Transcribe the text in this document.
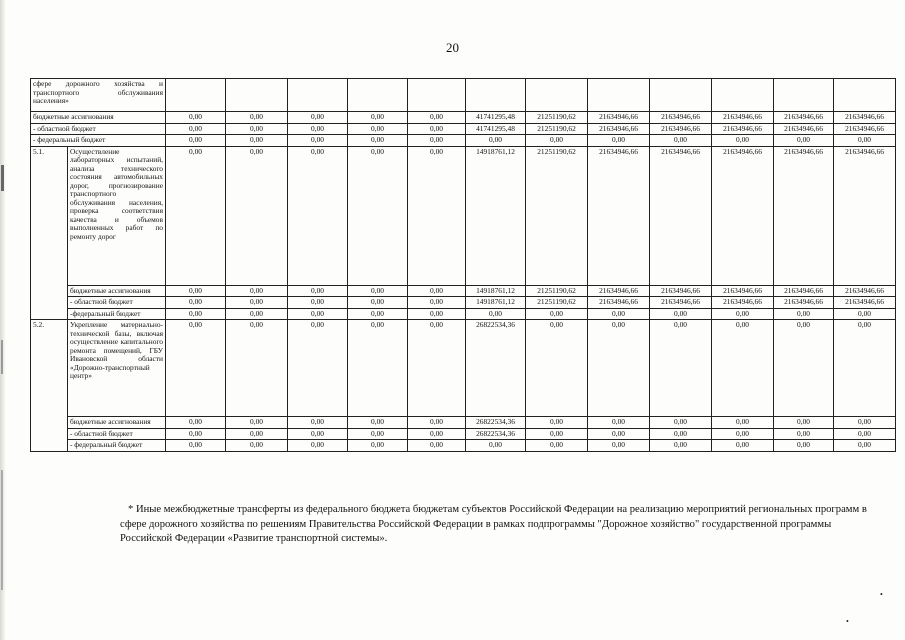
20
сфере дорожного хозяйства и транспортного обслуживания населения»													
бюджетные ассигнования		0,00	0,00	0,00	0,00	0,00	41741295,48	21251190,62	21634946,66	21634946,66	21634946,66	21634946,66	21634946,66
- областной бюджет		0,00	0,00	0,00	0,00	0,00	41741295,48	21251190,62	21634946,66	21634946,66	21634946,66	21634946,66	21634946,66
- федеральный бюджет		0,00	0,00	0,00	0,00	0,00	0,00	0,00	0,00	0,00	0,00	0,00	0,00
5.1.	Осуществление лабораторных испытаний, анализа технического состояния автомобильных дорог, прогнозирование транспортного обслуживания населения, проверка соответствия качества и объемов выполненных работ по ремонту дорог	0,00	0,00	0,00	0,00	0,00	14918761,12	21251190,62	21634946,66	21634946,66	21634946,66	21634946,66	21634946,66
	бюджетные ассигнования	0,00	0,00	0,00	0,00	0,00	14918761,12	21251190,62	21634946,66	21634946,66	21634946,66	21634946,66	21634946,66
	- областной бюджет	0,00	0,00	0,00	0,00	0,00	14918761,12	21251190,62	21634946,66	21634946,66	21634946,66	21634946,66	21634946,66
	-федеральный бюджет	0,00	0,00	0,00	0,00	0,00	0,00	0,00	0,00	0,00	0,00	0,00	0,00
5.2.	Укрепление материально-технической базы, включая осуществление капитального ремонта помещений, ГБУ Ивановской области «Дорожно-транспортный центр»	0,00	0,00	0,00	0,00	0,00	26822534,36	0,00	0,00	0,00	0,00	0,00	0,00
	бюджетные ассигнования	0,00	0,00	0,00	0,00	0,00	26822534,36	0,00	0,00	0,00	0,00	0,00	0,00
	- областной бюджет	0,00	0,00	0,00	0,00	0,00	26822534,36	0,00	0,00	0,00	0,00	0,00	0,00
	- федеральный бюджет	0,00	0,00	0,00	0,00	0,00	0,00	0,00	0,00	0,00	0,00	0,00	0,00
* Иные межбюджетные трансферты из федерального бюджета бюджетам субъектов Российской Федерации на реализацию мероприятий региональных программ в сфере дорожного хозяйства по решениям Правительства Российской Федерации в рамках подпрограммы "Дорожное хозяйство" государственной программы Российской Федерации «Развитие транспортной системы».
•
•
